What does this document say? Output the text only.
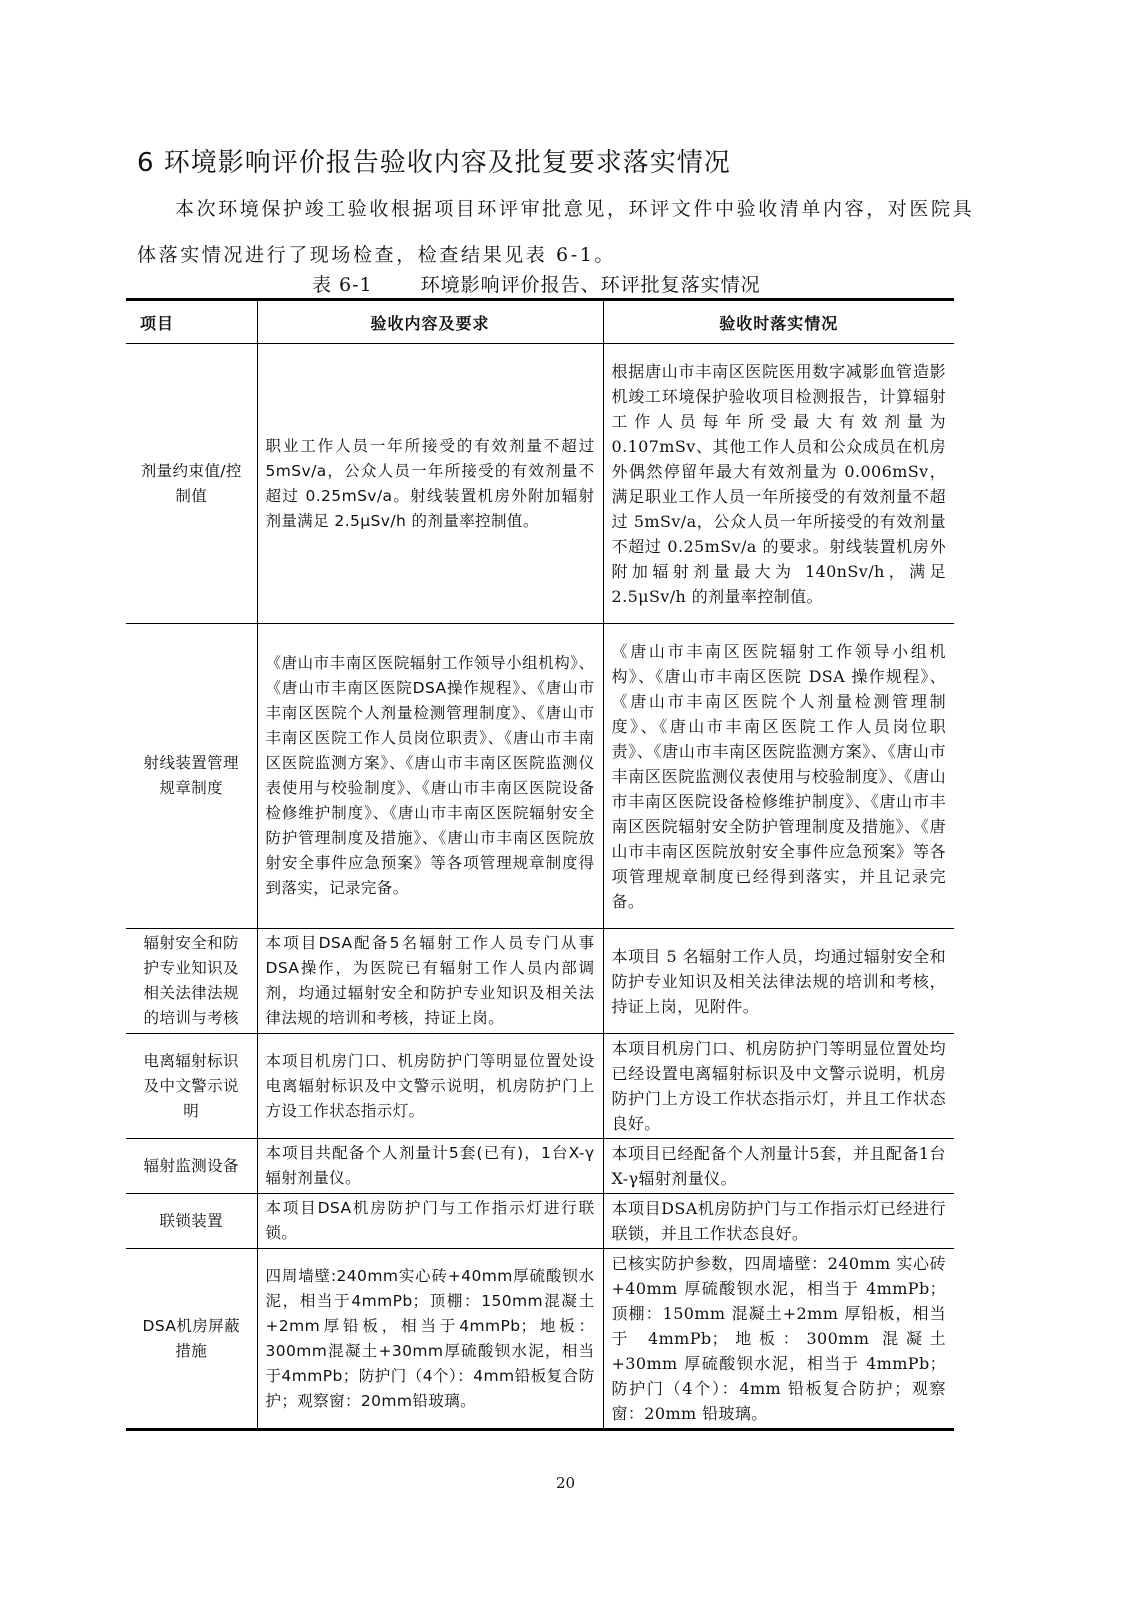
6 环境影响评价报告验收内容及批复要求落实情况

本次环境保护竣工验收根据项目环评审批意见，环评文件中验收清单内容，对医院具体落实情况进行了现场检查，检查结果见表 6-1。

表 6-1	环境影响评价报告、环评批复落实情况
项目	验收内容及要求	验收时落实情况
剂量约束值/控制值	职业工作人员一年所接受的有效剂量不超过 5mSv/a，公众人员一年所接受的有效剂量不超过 0.25mSv/a。射线装置机房外附加辐射剂量满足 2.5μSv/h 的剂量率控制值。	根据唐山市丰南区医院医用数字减影血管造影机竣工环境保护验收项目检测报告，计算辐射工作人员每年所受最大有效剂量为 0.107mSv、其他工作人员和公众成员在机房外偶然停留年最大有效剂量为 0.006mSv，满足职业工作人员一年所接受的有效剂量不超过 5mSv/a，公众人员一年所接受的有效剂量不超过 0.25mSv/a 的要求。射线装置机房外附加辐射剂量最大为 140nSv/h，满足 2.5μSv/h 的剂量率控制值。
射线装置管理规章制度	《唐山市丰南区医院辐射工作领导小组机构》、《唐山市丰南区医院DSA操作规程》、《唐山市丰南区医院个人剂量检测管理制度》、《唐山市丰南区医院工作人员岗位职责》、《唐山市丰南区医院监测方案》、《唐山市丰南区医院监测仪表使用与校验制度》、《唐山市丰南区医院设备检修维护制度》、《唐山市丰南区医院辐射安全防护管理制度及措施》、《唐山市丰南区医院放射安全事件应急预案》等各项管理规章制度得到落实，记录完备。	《唐山市丰南区医院辐射工作领导小组机构》、《唐山市丰南区医院 DSA 操作规程》、《唐山市丰南区医院个人剂量检测管理制度》、《唐山市丰南区医院工作人员岗位职责》、《唐山市丰南区医院监测方案》、《唐山市丰南区医院监测仪表使用与校验制度》、《唐山市丰南区医院设备检修维护制度》、《唐山市丰南区医院辐射安全防护管理制度及措施》、《唐山市丰南区医院放射安全事件应急预案》等各项管理规章制度已经得到落实，并且记录完备。
辐射安全和防护专业知识及相关法律法规的培训与考核	本项目DSA配备5名辐射工作人员专门从事DSA操作，为医院已有辐射工作人员内部调剂，均通过辐射安全和防护专业知识及相关法律法规的培训和考核，持证上岗。	本项目 5 名辐射工作人员，均通过辐射安全和防护专业知识及相关法律法规的培训和考核，持证上岗，见附件。
电离辐射标识及中文警示说明	本项目机房门口、机房防护门等明显位置处设电离辐射标识及中文警示说明，机房防护门上方设工作状态指示灯。	本项目机房门口、机房防护门等明显位置处均已经设置电离辐射标识及中文警示说明，机房防护门上方设工作状态指示灯，并且工作状态良好。
辐射监测设备	本项目共配备个人剂量计5套(已有)，1台X-γ辐射剂量仪。	本项目已经配备个人剂量计5套，并且配备1台X-γ辐射剂量仪。
联锁装置	本项目DSA机房防护门与工作指示灯进行联锁。	本项目DSA机房防护门与工作指示灯已经进行联锁，并且工作状态良好。
DSA机房屏蔽措施	四周墙壁:240mm实心砖+40mm厚硫酸钡水泥，相当于4mmPb；顶棚：150mm混凝土+2mm厚铅板，相当于4mmPb；地板：300mm混凝土+30mm厚硫酸钡水泥，相当于4mmPb；防护门（4个）：4mm铅板复合防护；观察窗：20mm铅玻璃。	已核实防护参数，四周墙壁：240mm 实心砖+40mm 厚硫酸钡水泥，相当于 4mmPb；顶棚：150mm 混凝土+2mm 厚铅板，相当于 4mmPb；地板：300mm 混凝土+30mm 厚硫酸钡水泥，相当于 4mmPb；防护门（4个）：4mm 铅板复合防护；观察窗：20mm 铅玻璃。
20
